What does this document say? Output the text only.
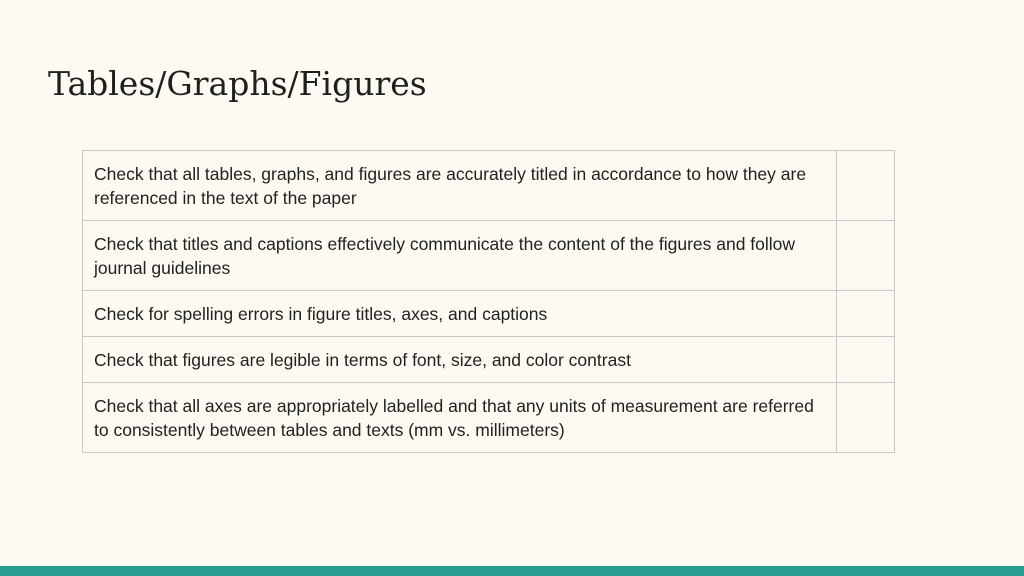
Tables/Graphs/Figures
Check that all tables, graphs, and figures are accurately titled in accordance to how they are referenced in the text of the paper	
Check that titles and captions effectively communicate the content of the figures and follow journal guidelines	
Check for spelling errors in figure titles, axes, and captions	
Check that figures are legible in terms of font, size, and color contrast	
Check that all axes are appropriately labelled and that any units of measurement are referred to consistently between tables and texts (mm vs. millimeters)	
